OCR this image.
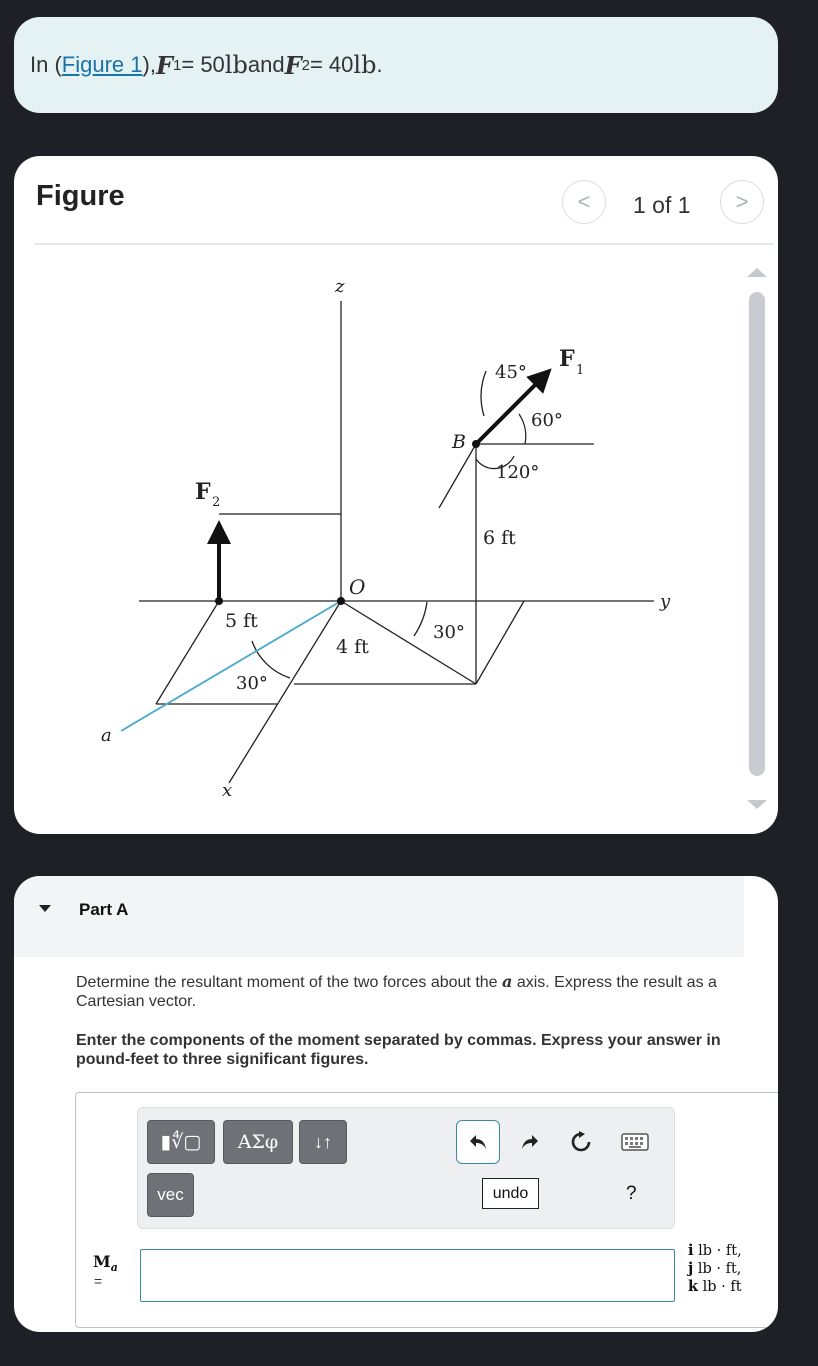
In ( Figure 1 ), F 1 = 50 lb and F 2 = 40 lb .
Figure	< 1 of 1 >
z
y
x
a
O
B
F 1
F 2
45°
60°
120°
6 ft
5 ft
4 ft
30°
30°
Part A
Determine the resultant moment of the two forces about the a axis. Express the result as a Cartesian vector.
Enter the components of the moment separated by commas. Express your answer in pound-feet to three significant figures.
▮∜▢ ΑΣφ ↓↑
vec	undo	?
$M_a$
=
i lb · ft,
j lb · ft,
k lb · ft
